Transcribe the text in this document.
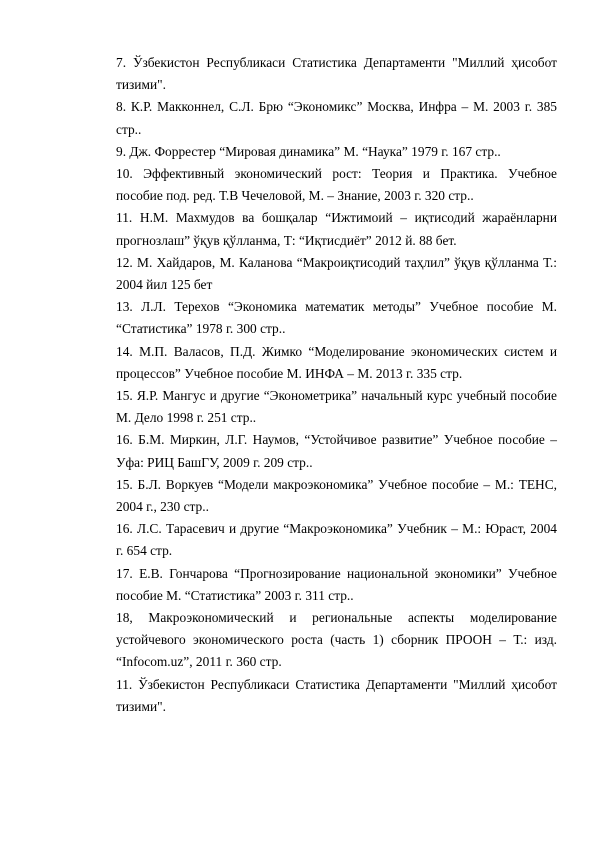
7. Ўзбекистон Республикаси Статистика Департаменти "Миллий ҳисобот тизими".

8. К.Р. Макконнел, С.Л. Брю “Экономикс” Москва, Инфра – М. 2003 г. 385 стр..

9. Дж. Форрестер “Мировая динамика” М. “Наука” 1979 г. 167 стр..

10. Эффективный экономический рост: Теория и Практика. Учебное пособие под. ред. Т.В Чечеловой, М. – Знание, 2003 г. 320 стр..

11. Н.М. Махмудов ва бошқалар “Ижтимоий – иқтисодий жараёнларни прогнозлаш” ўқув қўлланма, Т: “Иқтисдиёт” 2012 й. 88 бет.

12. М. Хайдаров, М. Каланова “Макроиқтисодий таҳлил” ўқув қўлланма Т.: 2004 йил 125 бет

13. Л.Л. Терехов “Экономика математик методы” Учебное пособие М. “Статистика” 1978 г. 300 стр..

14. М.П. Валасов, П.Д. Жимко “Моделирование экономических систем и процессов” Учебное пособие М. ИНФА – М. 2013 г. 335 стр.

15. Я.Р. Мангус и другие “Эконометрика” начальный курс учебный пособие М. Дело 1998 г. 251 стр..

16. Б.М. Миркин, Л.Г. Наумов, “Устойчивое развитие” Учебное пособие – Уфа: РИЦ БашГУ, 2009 г. 209 стр..

15. Б.Л. Воркуев “Модели макроэкономика” Учебное пособие – М.: ТЕНС, 2004 г., 230 стр..

16. Л.С. Тарасевич и другие “Макроэкономика” Учебник – М.: Юраст, 2004 г. 654 стр.

17. Е.В. Гончарова “Прогнозирование национальной экономики” Учебное пособие М. “Статистика” 2003 г. 311 стр..

18, Макроэкономический и региональные аспекты моделирование устойчевого экономического роста (часть 1) сборник ПРООН – Т.: изд. “Infocom.uz”, 2011 г. 360 стр.

11. Ўзбекистон Республикаси Статистика Департаменти "Миллий ҳисобот тизими".
